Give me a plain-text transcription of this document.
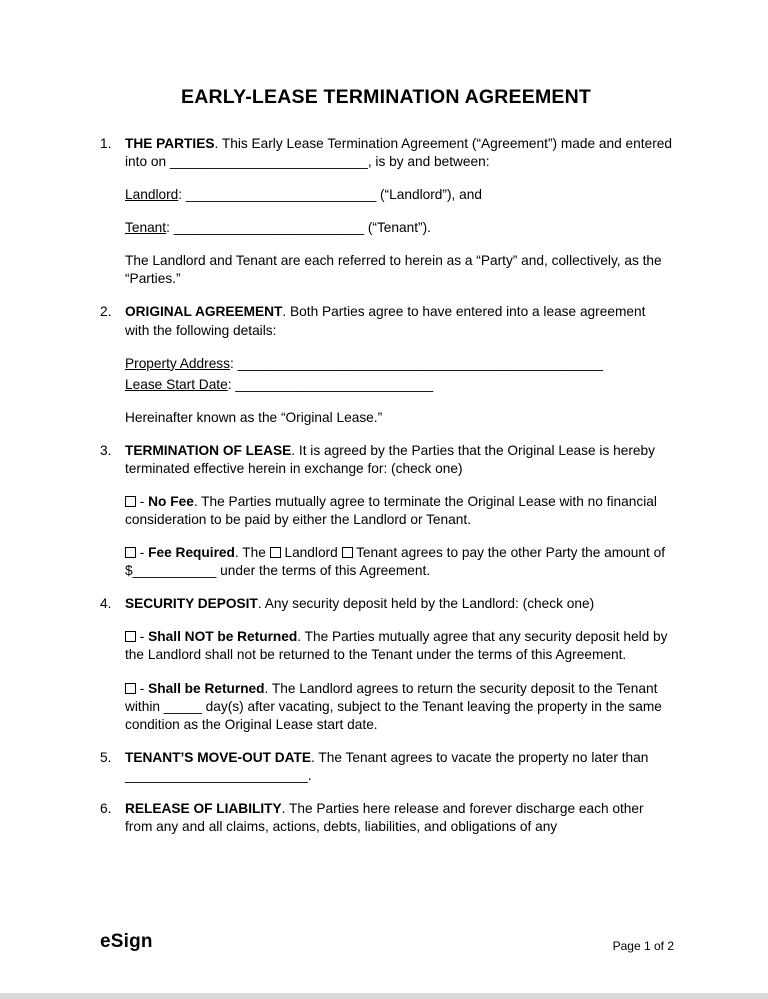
EARLY-LEASE TERMINATION AGREEMENT
1. THE PARTIES. This Early Lease Termination Agreement (“Agreement”) made and entered into on __________________________, is by and between:

Landlord: _________________________ (“Landlord”), and

Tenant: _________________________ (“Tenant”).

The Landlord and Tenant are each referred to herein as a “Party” and, collectively, as the “Parties.”

2. ORIGINAL AGREEMENT. Both Parties agree to have entered into a lease agreement with the following details:

Property Address: ________________________________________________

Lease Start Date: __________________________

Hereinafter known as the “Original Lease.”

3. TERMINATION OF LEASE. It is agreed by the Parties that the Original Lease is hereby terminated effective herein in exchange for: (check one)

- No Fee. The Parties mutually agree to terminate the Original Lease with no financial consideration to be paid by either the Landlord or Tenant.

- Fee Required. The  Landlord  Tenant agrees to pay the other Party the amount of $___________ under the terms of this Agreement.

4. SECURITY DEPOSIT. Any security deposit held by the Landlord: (check one)

- Shall NOT be Returned. The Parties mutually agree that any security deposit held by the Landlord shall not be returned to the Tenant under the terms of this Agreement.

- Shall be Returned. The Landlord agrees to return the security deposit to the Tenant within _____ day(s) after vacating, subject to the Tenant leaving the property in the same condition as the Original Lease start date.

5. TENANT’S MOVE-OUT DATE. The Tenant agrees to vacate the property no later than ________________________.

6. RELEASE OF LIABILITY. The Parties here release and forever discharge each other from any and all claims, actions, debts, liabilities, and obligations of any

eSign	Page 1 of 2
